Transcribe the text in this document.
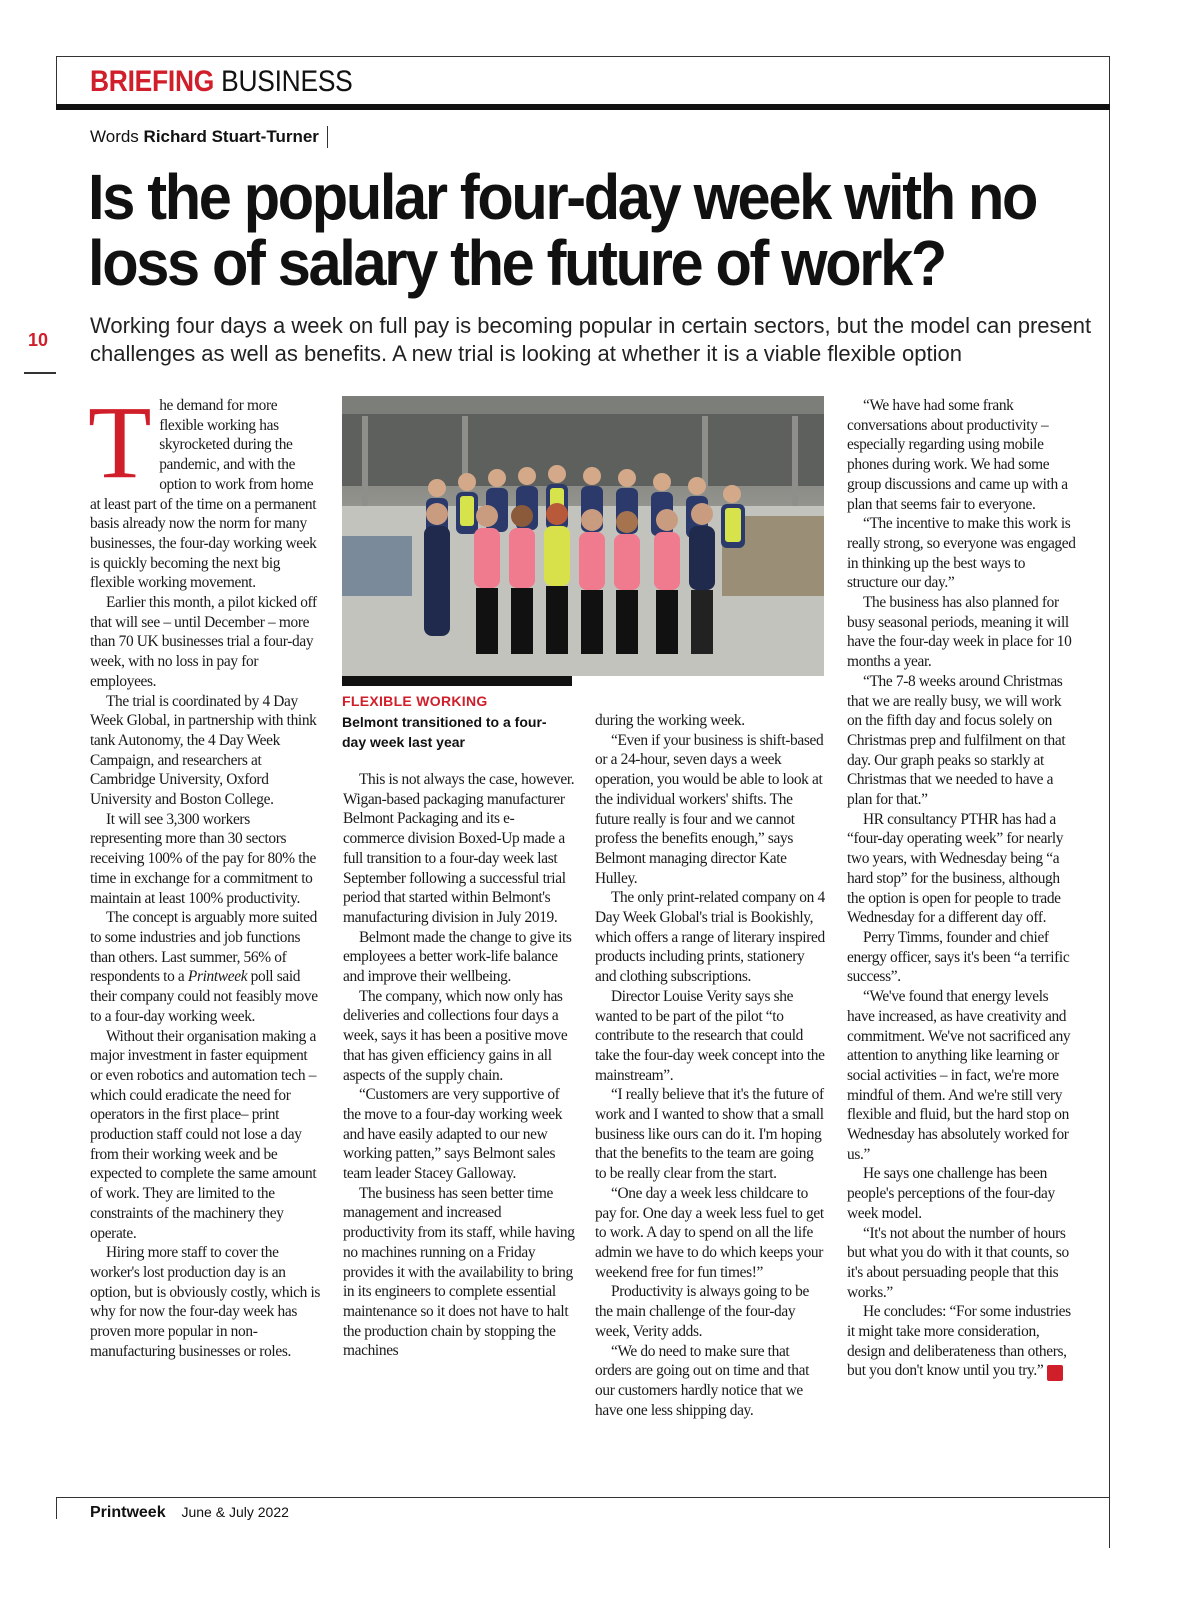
BRIEFING BUSINESS
Words Richard Stuart-Turner
Is the popular four-day week with no loss of salary the future of work?

Working four days a week on full pay is becoming popular in certain sectors, but the model can present challenges as well as benefits. A new trial is looking at whether it is a viable flexible option

10

The demand for more flexible working has skyrocketed during the pandemic, and with the option to work from home at least part of the time on a permanent basis already now the norm for many businesses, the four-day working week is quickly becoming the next big flexible working movement.

Earlier this month, a pilot kicked off that will see – until December – more than 70 UK businesses trial a four-day week, with no loss in pay for employees.

The trial is coordinated by 4 Day Week Global, in partnership with think tank Autonomy, the 4 Day Week Campaign, and researchers at Cambridge University, Oxford University and Boston College.

It will see 3,300 workers representing more than 30 sectors receiving 100% of the pay for 80% the time in exchange for a commitment to maintain at least 100% productivity.

The concept is arguably more suited to some industries and job functions than others. Last summer, 56% of respondents to a Printweek poll said their company could not feasibly move to a four-day working week.

Without their organisation making a major investment in faster equipment or even robotics and automation tech – which could eradicate the need for operators in the first place– print production staff could not lose a day from their working week and be expected to complete the same amount of work. They are limited to the constraints of the machinery they operate.

Hiring more staff to cover the worker's lost production day is an option, but is obviously costly, which is why for now the four-day week has proven more popular in non-manufacturing businesses or roles.

FLEXIBLE WORKING

Belmont transitioned to a four-day week last year

This is not always the case, however. Wigan-based packaging manufacturer Belmont Packaging and its e-commerce division Boxed-Up made a full transition to a four-day week last September following a successful trial period that started within Belmont's manufacturing division in July 2019.

Belmont made the change to give its employees a better work-life balance and improve their wellbeing.

The company, which now only has deliveries and collections four days a week, says it has been a positive move that has given efficiency gains in all aspects of the supply chain.

“Customers are very supportive of the move to a four-day working week and have easily adapted to our new working patten,” says Belmont sales team leader Stacey Galloway.

The business has seen better time management and increased productivity from its staff, while having no machines running on a Friday provides it with the availability to bring in its engineers to complete essential maintenance so it does not have to halt the production chain by stopping the machines

during the working week.

“Even if your business is shift-based or a 24-hour, seven days a week operation, you would be able to look at the individual workers' shifts. The future really is four and we cannot profess the benefits enough,” says Belmont managing director Kate Hulley.

The only print-related company on 4 Day Week Global's trial is Bookishly, which offers a range of literary inspired products including prints, stationery and clothing subscriptions.

Director Louise Verity says she wanted to be part of the pilot “to contribute to the research that could take the four-day week concept into the mainstream”.

“I really believe that it's the future of work and I wanted to show that a small business like ours can do it. I'm hoping that the benefits to the team are going to be really clear from the start.

“One day a week less childcare to pay for. One day a week less fuel to get to work. A day to spend on all the life admin we have to do which keeps your weekend free for fun times!”

Productivity is always going to be the main challenge of the four-day week, Verity adds.

“We do need to make sure that orders are going out on time and that our customers hardly notice that we have one less shipping day.

“We have had some frank conversations about productivity – especially regarding using mobile phones during work. We had some group discussions and came up with a plan that seems fair to everyone.

“The incentive to make this work is really strong, so everyone was engaged in thinking up the best ways to structure our day.”

The business has also planned for busy seasonal periods, meaning it will have the four-day week in place for 10 months a year.

“The 7-8 weeks around Christmas that we are really busy, we will work on the fifth day and focus solely on Christmas prep and fulfilment on that day. Our graph peaks so starkly at Christmas that we needed to have a plan for that.”

HR consultancy PTHR has had a “four-day operating week” for nearly two years, with Wednesday being “a hard stop” for the business, although the option is open for people to trade Wednesday for a different day off.

Perry Timms, founder and chief energy officer, says it's been “a terrific success”.

“We've found that energy levels have increased, as have creativity and commitment. We've not sacrificed any attention to anything like learning or social activities – in fact, we're more mindful of them. And we're still very flexible and fluid, but the hard stop on Wednesday has absolutely worked for us.”

He says one challenge has been people's perceptions of the four-day week model.

“It's not about the number of hours but what you do with it that counts, so it's about persuading people that this works.”

He concludes: “For some industries it might take more consideration, design and deliberateness than others, but you don't know until you try.” P

Printweek June & July 2022
